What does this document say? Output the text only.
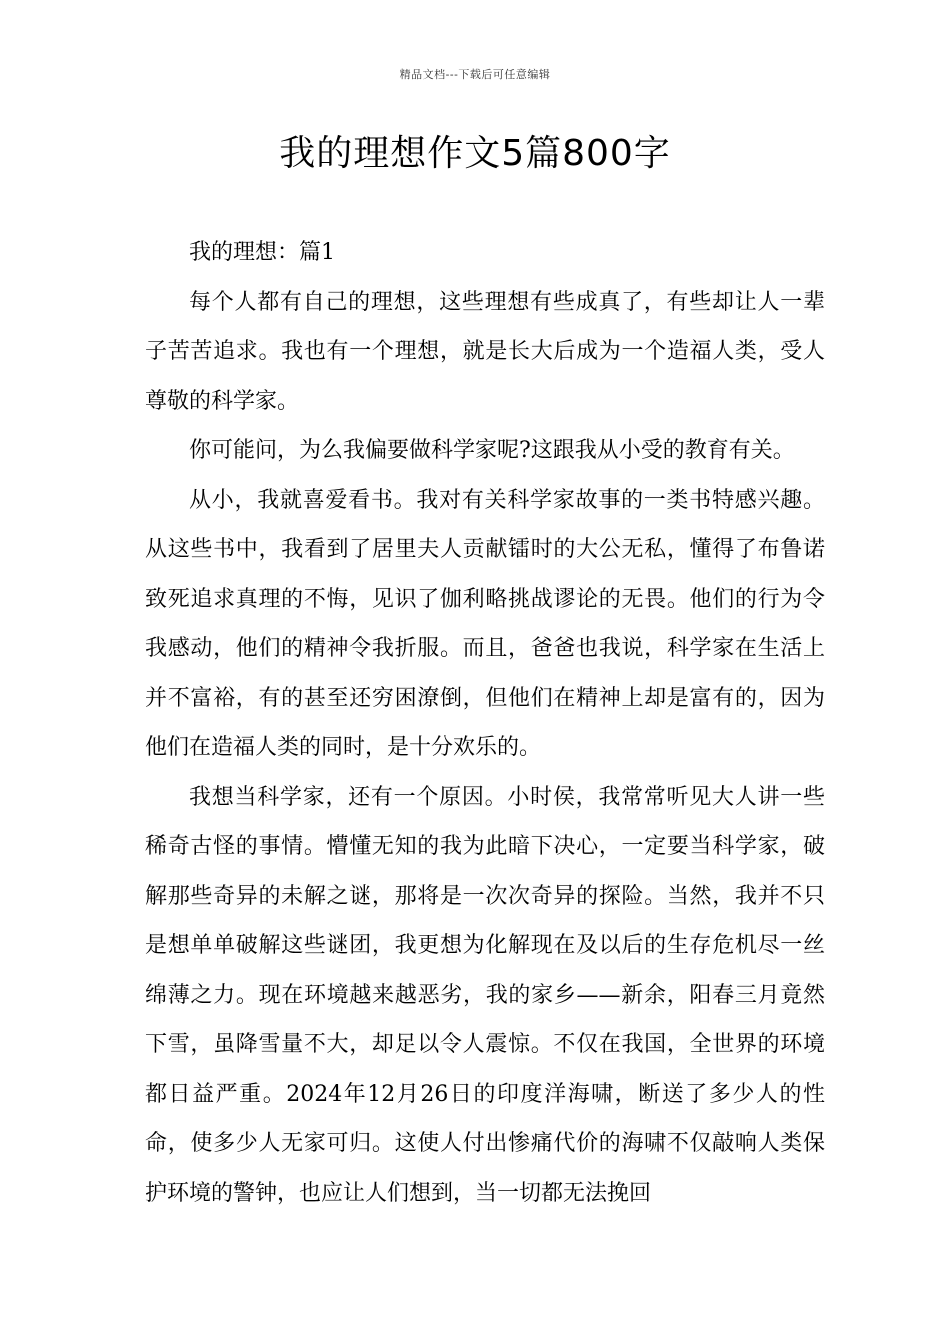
精品文档---下载后可任意编辑
我的理想作文5篇800字

我的理想：篇1

每个人都有自己的理想，这些理想有些成真了，有些却让人一辈子苦苦追求。我也有一个理想，就是长大后成为一个造福人类，受人尊敬的科学家。

你可能问，为么我偏要做科学家呢?这跟我从小受的教育有关。

从小，我就喜爱看书。我对有关科学家故事的一类书特感兴趣。从这些书中，我看到了居里夫人贡献镭时的大公无私，懂得了布鲁诺致死追求真理的不悔，见识了伽利略挑战谬论的无畏。他们的行为令我感动，他们的精神令我折服。而且，爸爸也我说，科学家在生活上并不富裕，有的甚至还穷困潦倒，但他们在精神上却是富有的，因为他们在造福人类的同时，是十分欢乐的。

我想当科学家，还有一个原因。小时侯，我常常听见大人讲一些稀奇古怪的事情。懵懂无知的我为此暗下决心，一定要当科学家，破解那些奇异的未解之谜，那将是一次次奇异的探险。当然，我并不只是想单单破解这些谜团，我更想为化解现在及以后的生存危机尽一丝绵薄之力。现在环境越来越恶劣，我的家乡——新余，阳春三月竟然下雪，虽降雪量不大，却足以令人震惊。不仅在我国，全世界的环境都日益严重。2024年12月26日的印度洋海啸，断送了多少人的性命，使多少人无家可归。这使人付出惨痛代价的海啸不仅敲响人类保护环境的警钟，也应让人们想到，当一切都无法挽回
